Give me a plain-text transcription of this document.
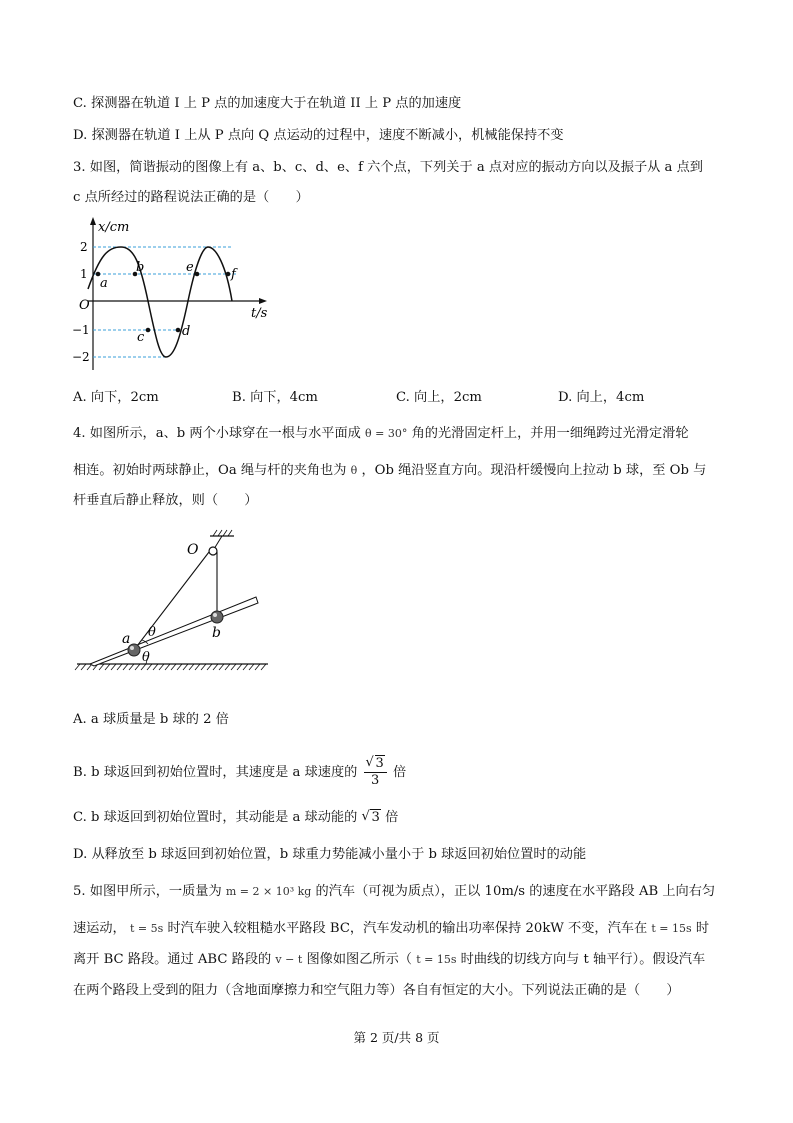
C. 探测器在轨道 I 上 P 点的加速度大于在轨道 II 上 P 点的加速度
D. 探测器在轨道 I 上从 P 点向 Q 点运动的过程中，速度不断减小，机械能保持不变
3. 如图，简谐振动的图像上有 a、b、c、d、e、f 六个点，下列关于 a 点对应的振动方向以及振子从 a 点到
c 点所经过的路程说法正确的是（　　）
x/cm
t/s
O
2
1
−1
−2
a
b
c	d
e	f
A. 向下，2cm	B. 向下，4cm	C. 向上，2cm	D. 向上，4cm
4. 如图所示，a、b 两个小球穿在一根与水平面成 θ = 30° 角的光滑固定杆上，并用一细绳跨过光滑定滑轮
相连。初始时两球静止，Oa 绳与杆的夹角也为 θ ，Ob 绳沿竖直方向。现沿杆缓慢向上拉动 b 球，至 Ob 与
杆垂直后静止释放，则（　　）
O
a	b
θ
θ
A. a 球质量是 b 球的 2 倍
B. b 球返回到初始位置时，其速度是 a 球速度的 $\frac{√ 3}{3}$ 倍
C. b 球返回到初始位置时，其动能是 a 球动能的 √ 3 倍
D. 从释放至 b 球返回到初始位置，b 球重力势能减小量小于 b 球返回初始位置时的动能
5. 如图甲所示，一质量为 m = 2 × 10³ kg 的汽车（可视为质点），正以 10m/s 的速度在水平路段 AB 上向右匀
速运动， t = 5s 时汽车驶入较粗糙水平路段 BC，汽车发动机的输出功率保持 20kW 不变，汽车在 t = 15s 时
离开 BC 路段。通过 ABC 路段的 v − t 图像如图乙所示（ t = 15s 时曲线的切线方向与 t 轴平行）。假设汽车
在两个路段上受到的阻力（含地面摩擦力和空气阻力等）各自有恒定的大小。下列说法正确的是（　　）
第 2 页/共 8 页
